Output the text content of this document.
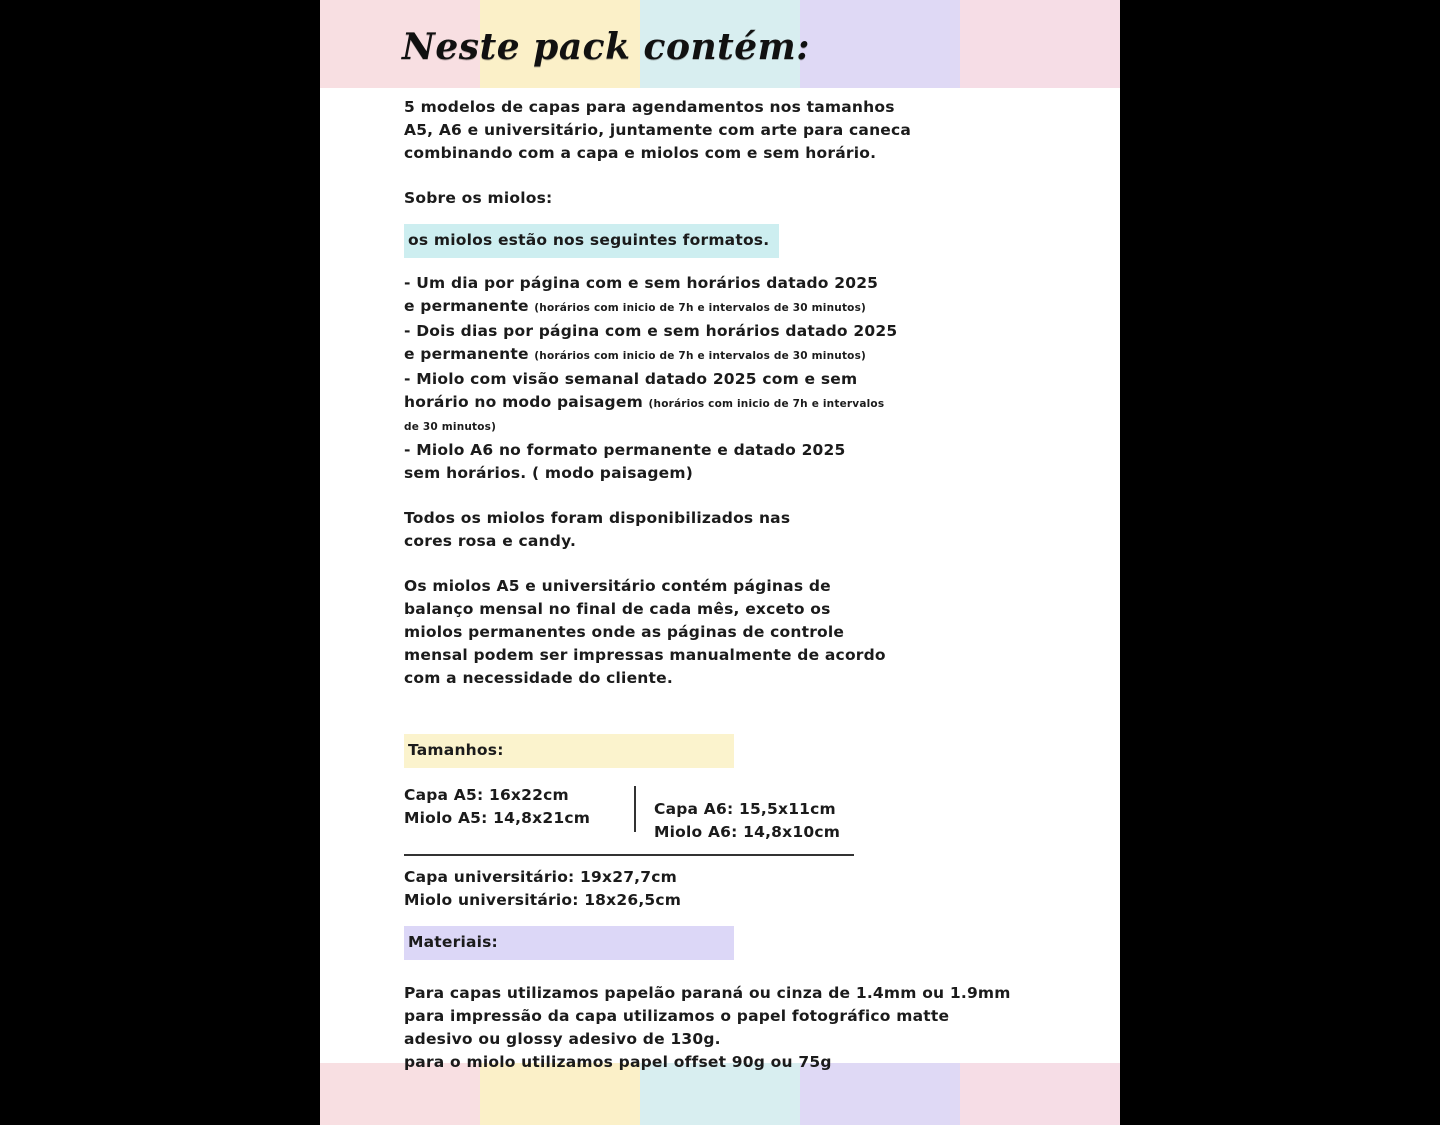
Neste pack contém:
5 modelos de capas para agendamentos nos tamanhos
A5, A6 e universitário, juntamente com arte para caneca
combinando com a capa e miolos com e sem horário.
Sobre os miolos:
os miolos estão nos seguintes formatos.
- Um dia por página com e sem horários datado 2025
e permanente (horários com inicio de 7h e intervalos de 30 minutos)
- Dois dias por página com e sem horários datado 2025
e permanente (horários com inicio de 7h e intervalos de 30 minutos)
- Miolo com visão semanal datado 2025 com e sem
horário no modo paisagem (horários com inicio de 7h e intervalos
de 30 minutos)
- Miolo A6 no formato permanente e datado 2025
sem horários. ( modo paisagem)
Todos os miolos foram disponibilizados nas
cores rosa e candy.
Os miolos A5 e universitário contém páginas de
balanço mensal no final de cada mês, exceto os
miolos permanentes onde as páginas de controle
mensal podem ser impressas manualmente de acordo
com a necessidade do cliente.
Tamanhos:
Capa A5: 16x22cm
Miolo A5: 14,8x21cm	Capa A6: 15,5x11cm
Miolo A6: 14,8x10cm
Capa universitário: 19x27,7cm
Miolo universitário: 18x26,5cm
Materiais:
Para capas utilizamos papelão paraná ou cinza de 1.4mm ou 1.9mm
para impressão da capa utilizamos o papel fotográfico matte
adesivo ou glossy adesivo de 130g.
para o miolo utilizamos papel offset 90g ou 75g
